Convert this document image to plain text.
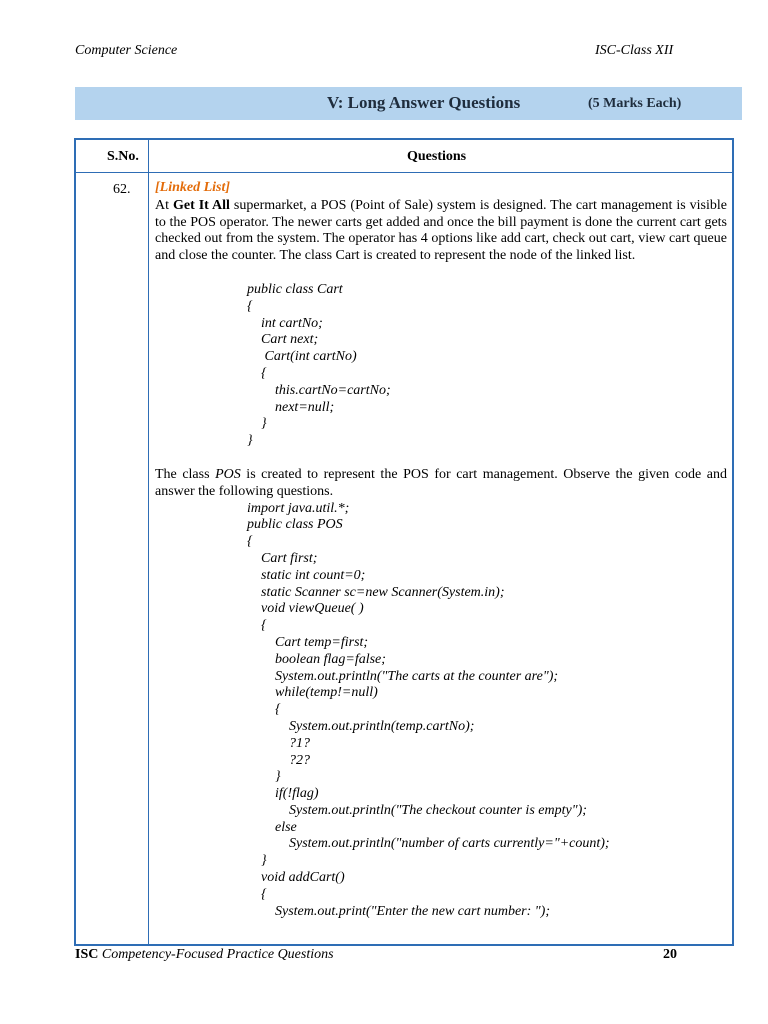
Computer Science	ISC-Class XII
V: Long Answer Questions	(5 Marks Each)
S.No.	Questions
62. [Linked List]
At Get It All supermarket, a POS (Point of Sale) system is designed. The cart management is visible to the POS operator. The newer carts get added and once the bill payment is done the current cart gets checked out from the system. The operator has 4 options like add cart, check out cart, view cart queue and close the counter. The class Cart is created to represent the node of the linked list.
public class Cart
{
int cartNo;
Cart next;
Cart(int cartNo)
{
this.cartNo=cartNo;
next=null;
}
}
The class POS is created to represent the POS for cart management. Observe the given code and answer the following questions.
import java.util.*;
public class POS
{
Cart first;
static int count=0;
static Scanner sc=new Scanner(System.in);
void viewQueue( )
{
Cart temp=first;
boolean flag=false;
System.out.println("The carts at the counter are");
while(temp!=null)
{
System.out.println(temp.cartNo);
?1?
?2?
}
if(!flag)
System.out.println("The checkout counter is empty");
else
System.out.println("number of carts currently="+count);
}
void addCart()
{
System.out.print("Enter the new cart number: ");
ISC Competency-Focused Practice Questions	20
